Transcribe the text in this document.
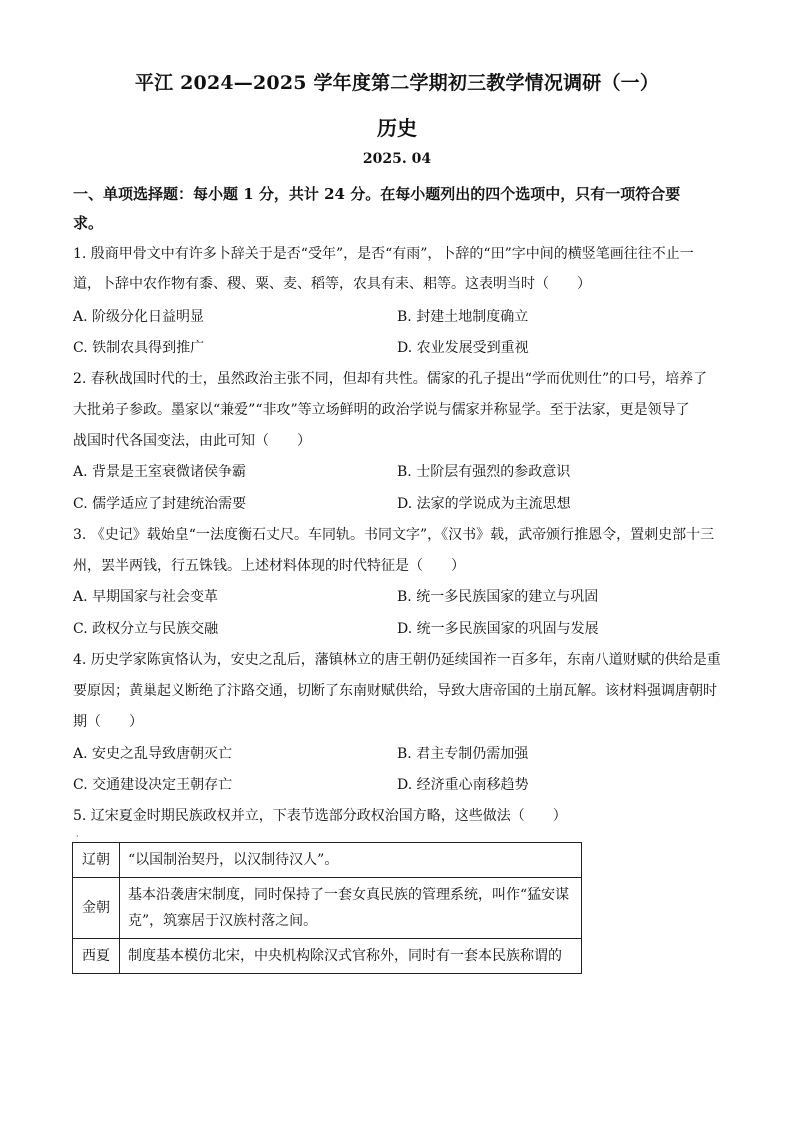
平江 2024—2025 学年度第二学期初三教学情况调研（一）
历史
2025. 04
一、单项选择题：每小题 1 分，共计 24 分。在每小题列出的四个选项中，只有一项符合要
求。
1. 殷商甲骨文中有许多卜辞关于是否“受年”，是否“有雨”，卜辞的“田”字中间的横竖笔画往往不止一
道，卜辞中农作物有黍、稷、粟、麦、稻等，农具有耒、耜等。这表明当时（　　）
A. 阶级分化日益明显	B. 封建土地制度确立
C. 铁制农具得到推广	D. 农业发展受到重视
2. 春秋战国时代的士，虽然政治主张不同，但却有共性。儒家的孔子提出“学而优则仕”的口号，培养了
大批弟子参政。墨家以“兼爱”“非攻”等立场鲜明的政治学说与儒家并称显学。至于法家，更是领导了
战国时代各国变法，由此可知（　　）
A. 背景是王室衰微诸侯争霸	B. 士阶层有强烈的参政意识
C. 儒学适应了封建统治需要	D. 法家的学说成为主流思想
3. 《史记》载始皇“一法度衡石丈尺。车同轨。书同文字”，《汉书》载，武帝颁行推恩令，置刺史部十三
州，罢半两钱，行五铢钱。上述材料体现的时代特征是（　　）
A. 早期国家与社会变革	B. 统一多民族国家的建立与巩固
C. 政权分立与民族交融	D. 统一多民族国家的巩固与发展
4. 历史学家陈寅恪认为，安史之乱后，藩镇林立的唐王朝仍延续国祚一百多年，东南八道财赋的供给是重
要原因；黄巢起义断绝了汴路交通，切断了东南财赋供给，导致大唐帝国的土崩瓦解。该材料强调唐朝时
期（　　）
A. 安史之乱导致唐朝灭亡	B. 君主专制仍需加强
C. 交通建设决定王朝存亡	D. 经济重心南移趋势
5. 辽宋夏金时期民族政权并立，下表节选部分政权治国方略，这些做法（　　）
·
辽朝	“以国制治契丹，以汉制待汉人”。
金朝	基本沿袭唐宋制度，同时保持了一套女真民族的管理系统，叫作“猛安谋克”，筑寨居于汉族村落之间。
西夏	制度基本模仿北宋，中央机构除汉式官称外，同时有一套本民族称谓的
